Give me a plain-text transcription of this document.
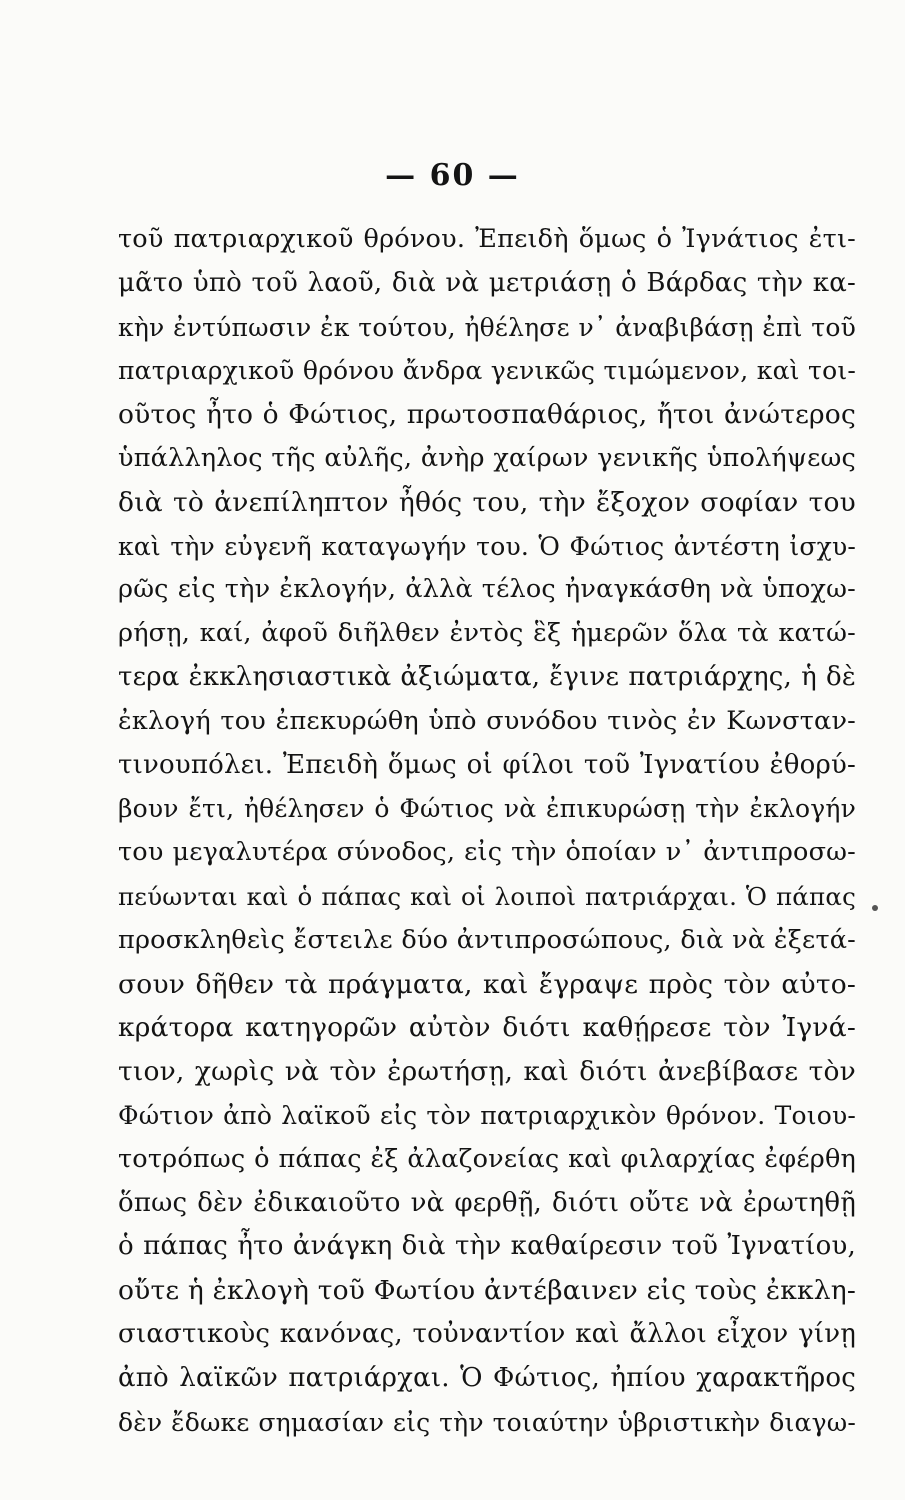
— 60 —
τοῦ πατριαρχικοῦ θρόνου. Ἐπειδὴ ὅμως ὁ Ἰγνάτιος ἐτι-
μᾶτο ὑπὸ τοῦ λαοῦ, διὰ νὰ μετριάσῃ ὁ Βάρδας τὴν κα-
κὴν ἐντύπωσιν ἐκ τούτου, ἠθέλησε ν᾽ ἀναβιβάσῃ ἐπὶ τοῦ
πατριαρχικοῦ θρόνου ἄνδρα γενικῶς τιμώμενον, καὶ τοι-
οῦτος ἦτο ὁ Φώτιος, πρωτοσπαθάριος, ἤτοι ἀνώτερος
ὑπάλληλος τῆς αὐλῆς, ἀνὴρ χαίρων γενικῆς ὑπολήψεως
διὰ τὸ ἀνεπίληπτον ἦθός του, τὴν ἔξοχον σοφίαν του
καὶ τὴν εὐγενῆ καταγωγήν του. Ὁ Φώτιος ἀντέστη ἰσχυ-
ρῶς εἰς τὴν ἐκλογήν, ἀλλὰ τέλος ἠναγκάσθη νὰ ὑποχω-
ρήσῃ, καί, ἀφοῦ διῆλθεν ἐντὸς ἓξ ἡμερῶν ὅλα τὰ κατώ-
τερα ἐκκλησιαστικὰ ἀξιώματα, ἔγινε πατριάρχης, ἡ δὲ
ἐκλογή του ἐπεκυρώθη ὑπὸ συνόδου τινὸς ἐν Κωνσταν-
τινουπόλει. Ἐπειδὴ ὅμως οἱ φίλοι τοῦ Ἰγνατίου ἐθορύ-
βουν ἔτι, ἠθέλησεν ὁ Φώτιος νὰ ἐπικυρώσῃ τὴν ἐκλογήν
του μεγαλυτέρα σύνοδος, εἰς τὴν ὁποίαν ν᾽ ἀντιπροσω-
πεύωνται καὶ ὁ πάπας καὶ οἱ λοιποὶ πατριάρχαι. Ὁ πάπας
προσκληθεὶς ἔστειλε δύο ἀντιπροσώπους, διὰ νὰ ἐξετά-
σουν δῆθεν τὰ πράγματα, καὶ ἔγραψε πρὸς τὸν αὐτο-
κράτορα κατηγορῶν αὐτὸν διότι καθῄρεσε τὸν Ἰγνά-
τιον, χωρὶς νὰ τὸν ἐρωτήσῃ, καὶ διότι ἀνεβίβασε τὸν
Φώτιον ἀπὸ λαϊκοῦ εἰς τὸν πατριαρχικὸν θρόνον. Τοιου-
τοτρόπως ὁ πάπας ἐξ ἀλαζονείας καὶ φιλαρχίας ἐφέρθη
ὅπως δὲν ἐδικαιοῦτο νὰ φερθῇ, διότι οὔτε νὰ ἐρωτηθῇ
ὁ πάπας ἦτο ἀνάγκη διὰ τὴν καθαίρεσιν τοῦ Ἰγνατίου,
οὔτε ἡ ἐκλογὴ τοῦ Φωτίου ἀντέβαινεν εἰς τοὺς ἐκκλη-
σιαστικοὺς κανόνας, τοὐναντίον καὶ ἄλλοι εἶχον γίνῃ
ἀπὸ λαϊκῶν πατριάρχαι. Ὁ Φώτιος, ἠπίου χαρακτῆρος
δὲν ἔδωκε σημασίαν εἰς τὴν τοιαύτην ὑβριστικὴν διαγω-
